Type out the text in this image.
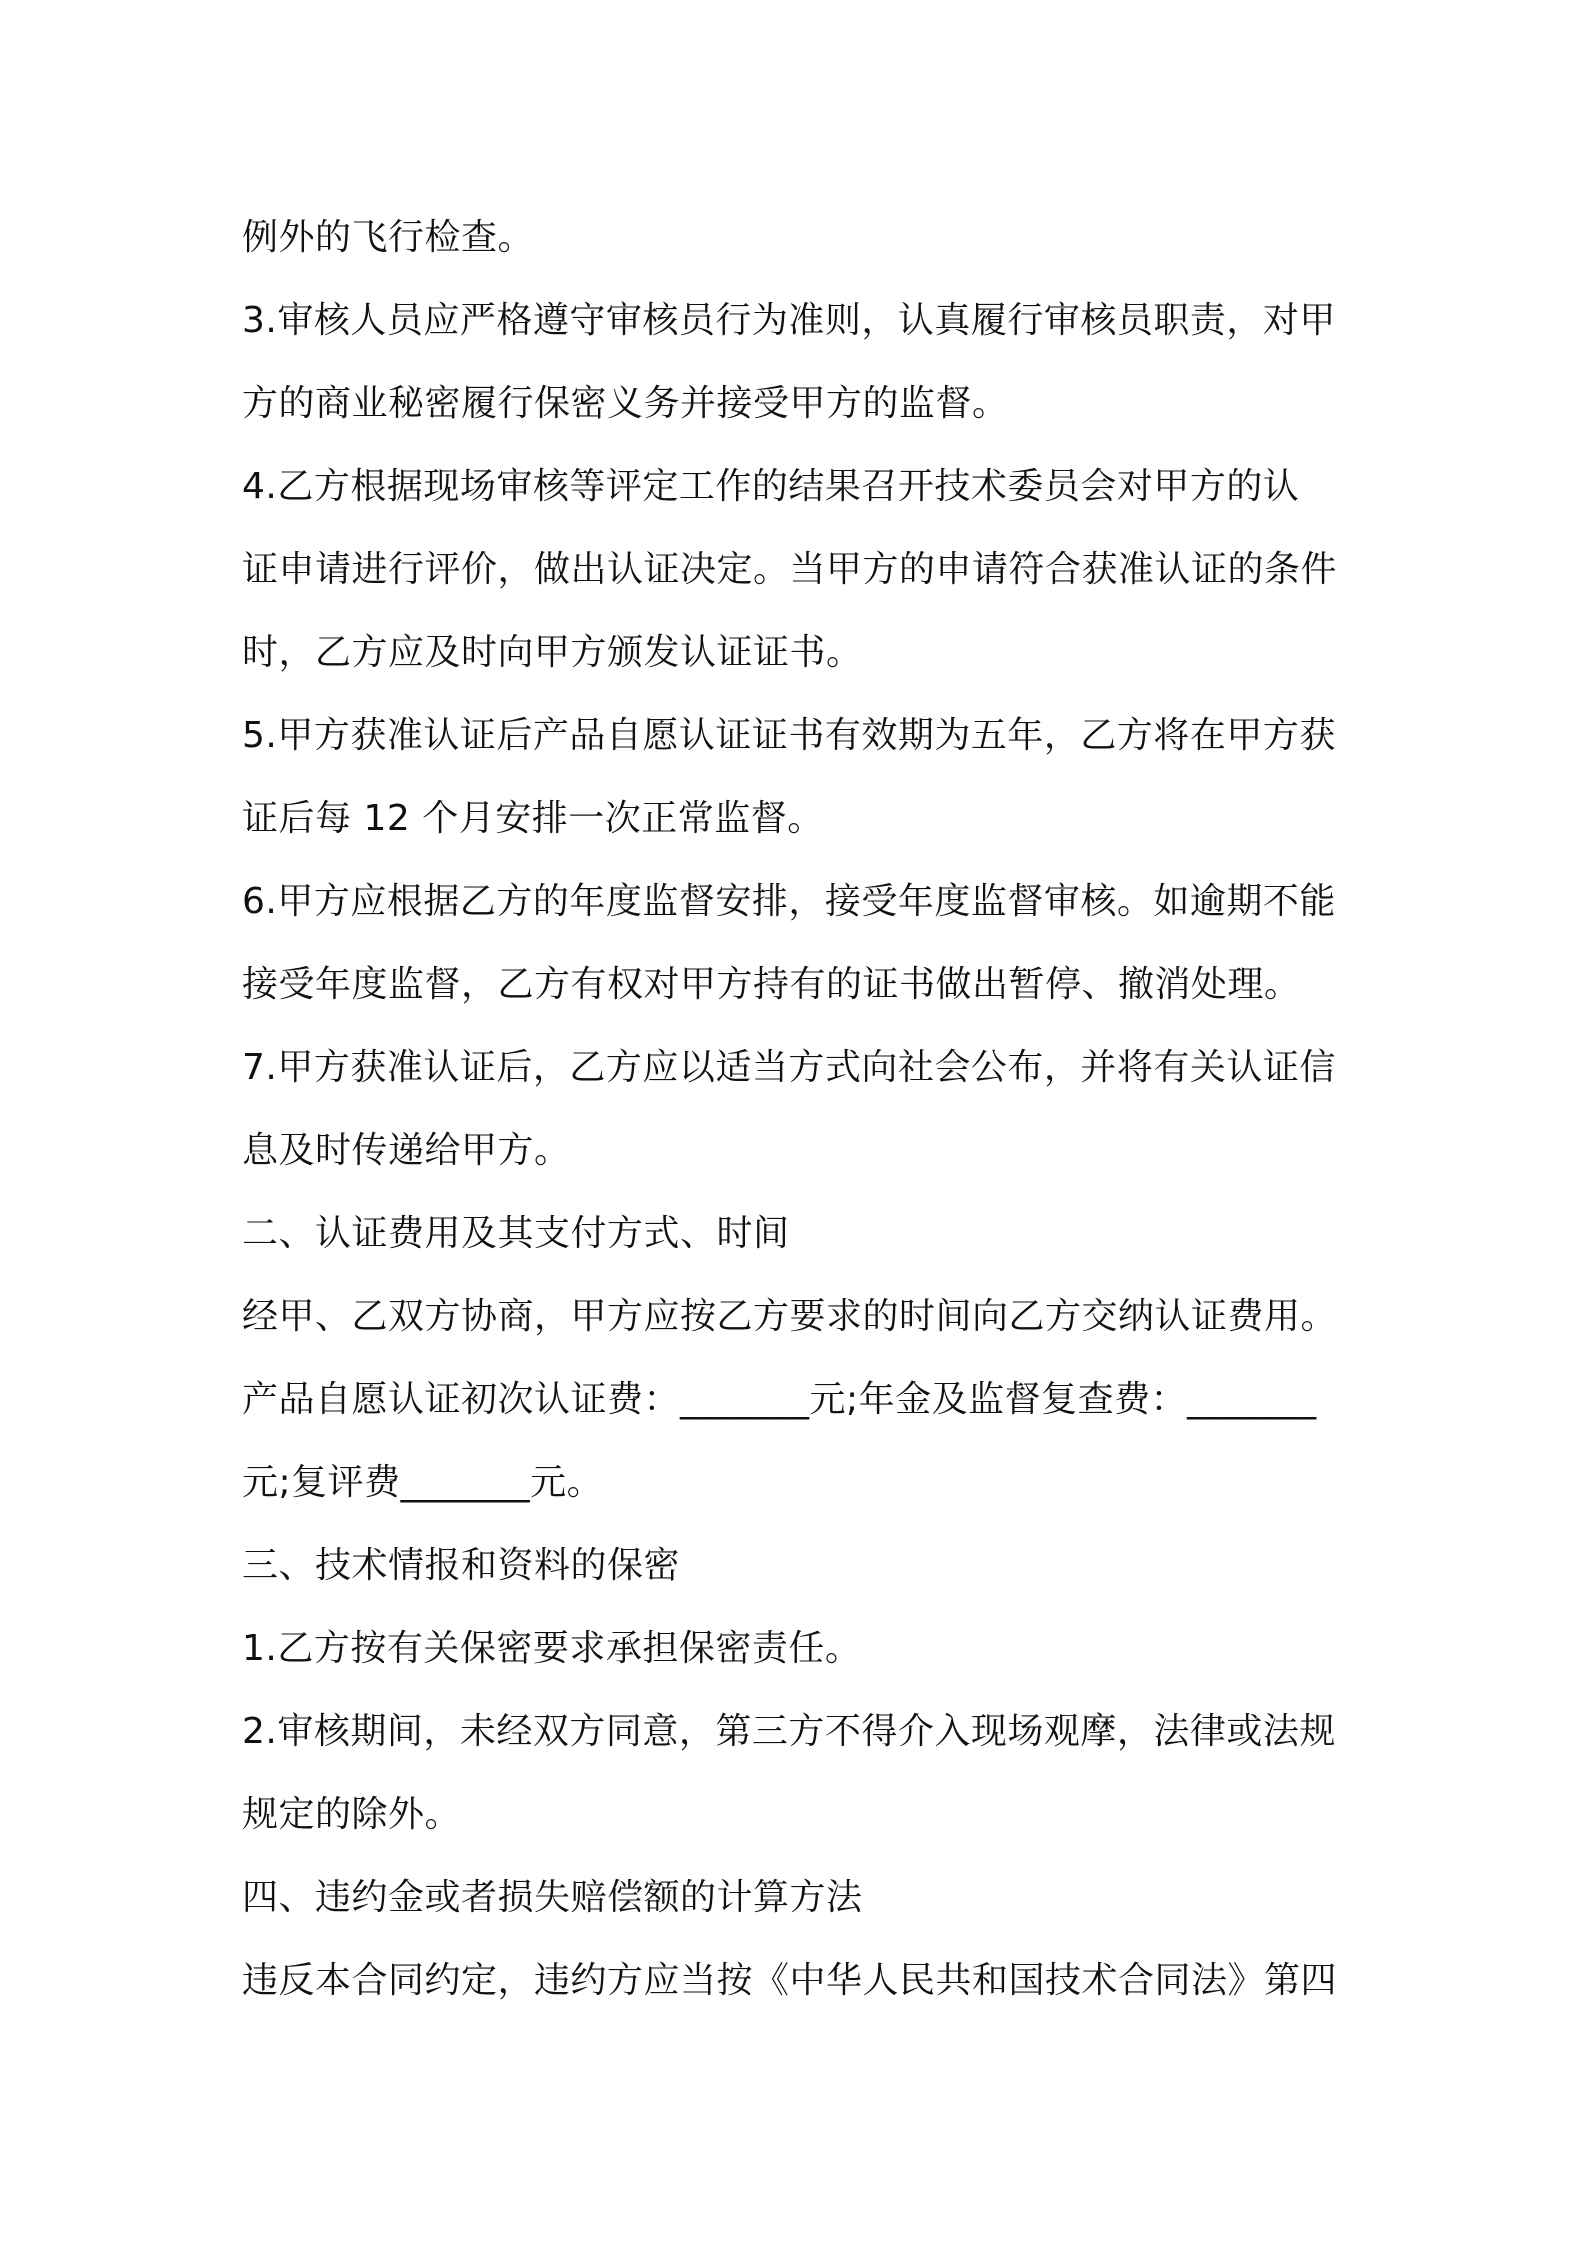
例外的飞行检查。
3.审核人员应严格遵守审核员行为准则，认真履行审核员职责，对甲
方的商业秘密履行保密义务并接受甲方的监督。
4.乙方根据现场审核等评定工作的结果召开技术委员会对甲方的认
证申请进行评价，做出认证决定。当甲方的申请符合获准认证的条件
时，乙方应及时向甲方颁发认证证书。
5.甲方获准认证后产品自愿认证证书有效期为五年，乙方将在甲方获
证后每 12 个月安排一次正常监督。
6.甲方应根据乙方的年度监督安排，接受年度监督审核。如逾期不能
接受年度监督，乙方有权对甲方持有的证书做出暂停、撤消处理。
7.甲方获准认证后，乙方应以适当方式向社会公布，并将有关认证信
息及时传递给甲方。
二、认证费用及其支付方式、时间
经甲、乙双方协商，甲方应按乙方要求的时间向乙方交纳认证费用。
产品自愿认证初次认证费：_______元;年金及监督复查费：_______
元;复评费_______元。
三、技术情报和资料的保密
1.乙方按有关保密要求承担保密责任。
2.审核期间，未经双方同意，第三方不得介入现场观摩，法律或法规
规定的除外。
四、违约金或者损失赔偿额的计算方法
违反本合同约定，违约方应当按《中华人民共和国技术合同法》第四
